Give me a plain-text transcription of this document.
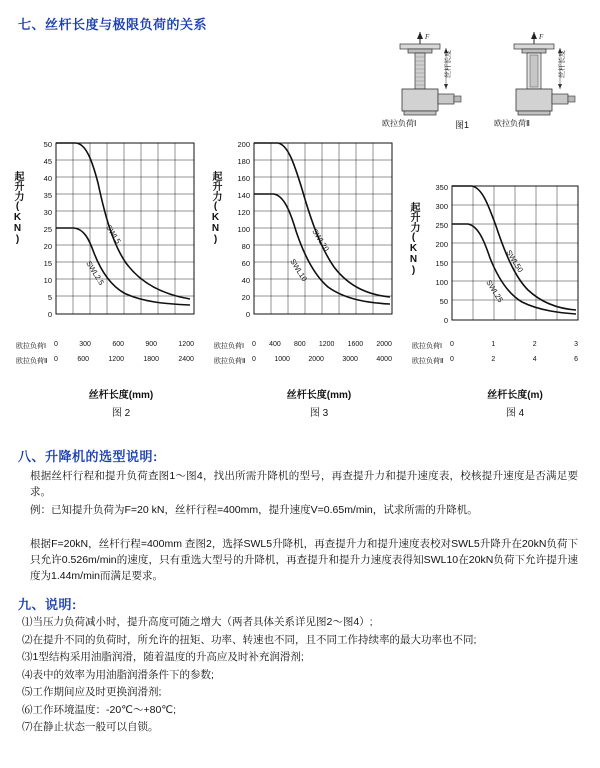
七、丝杆长度与极限负荷的关系
F
丝杆长度
F
丝杆长度
欧拉负荷Ⅰ	欧拉负荷Ⅱ
图1
50
45
40
35
30
25
20
15
10
5
0
SWL5
SWL2.5
起升力(KN)
欧拉负荷Ⅰ
欧拉负荷Ⅱ
0	300	600	900	1200
0	600	1200	1800	2400
丝杆长度(mm)
图 2
200
180
160
140
120
100
80
60
40
20
0
SWL20
SWL10
起升力(KN)
欧拉负荷Ⅰ
欧拉负荷Ⅱ
0 400 800 1200 1600 2000
0	1000	2000	3000	4000
丝杆长度(mm)
图 3
350
300
250
200
150
100
50
0
SWL50
SWL25
起升力(KN)
欧拉负荷Ⅰ
欧拉负荷Ⅱ
0	1	2	3
0	2	4	6
丝杆长度(m)
图 4
八、升降机的选型说明:
根据丝杆行程和提升负荷查图1～图4，找出所需升降机的型号，再查提升力和提升速度表，校核提升速度是否满足要求。
例：已知提升负荷为F=20 kN，丝杆行程=400mm，提升速度V=0.65m/min，试求所需的升降机。
根据F=20kN，丝杆行程=400mm 查图2，选择SWL5升降机，再查提升力和提升速度表校对SWL5升降升在20kN负荷下只允许0.526m/min的速度，只有重选大型号的升降机，再查提升和提升力速度表得知SWL10在20kN负荷下允许提升速度为1.44m/min而满足要求。
九、说明:
⑴当压力负荷减小时，提升高度可随之增大（两者具体关系详见图2～图4）;
⑵在提升不同的负荷时，所允许的扭矩、功率、转速也不同，且不同工作持续率的最大功率也不同;
⑶1型结构采用油脂润滑，随着温度的升高应及时补充润滑剂;
⑷表中的效率为用油脂润滑条件下的参数;
⑸工作期间应及时更换润滑剂;
⑹工作环境温度：-20℃～+80℃;
⑺在静止状态一般可以自锁。
